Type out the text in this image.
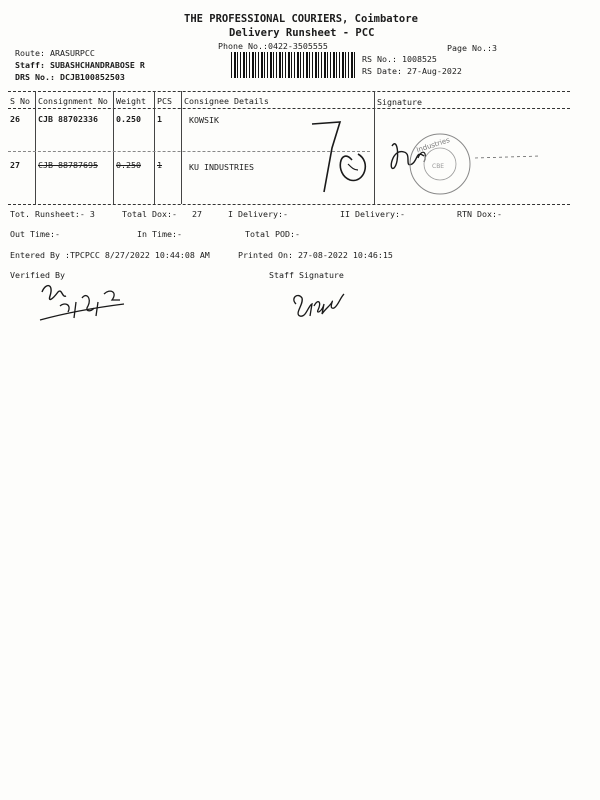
THE PROFESSIONAL COURIERS, Coimbatore
Delivery Runsheet - PCC
Phone No.:0422-3505555	Page No.:3
Route: ARASURPCC
Staff: SUBASHCHANDRABOSE R
DRS No.: DCJB100852503
RS No.: 1008525
RS Date: 27-Aug-2022
S No Consignment No Weight PCS Consignee Details	Signature
26 CJB 88702336 0.250 1	KOWSIK
27 CJB 88787695 0.250 1	KU INDUSTRIES
Industries
CBE
Tot. Runsheet:- 3	Total Dox:- 27	I Delivery:-	II Delivery:-	RTN Dox:-
Out Time:-	In Time:-	Total POD:-
Entered By :TPCPCC 8/27/2022 10:44:08 AM	Printed On: 27-08-2022 10:46:15
Verified By	Staff Signature
